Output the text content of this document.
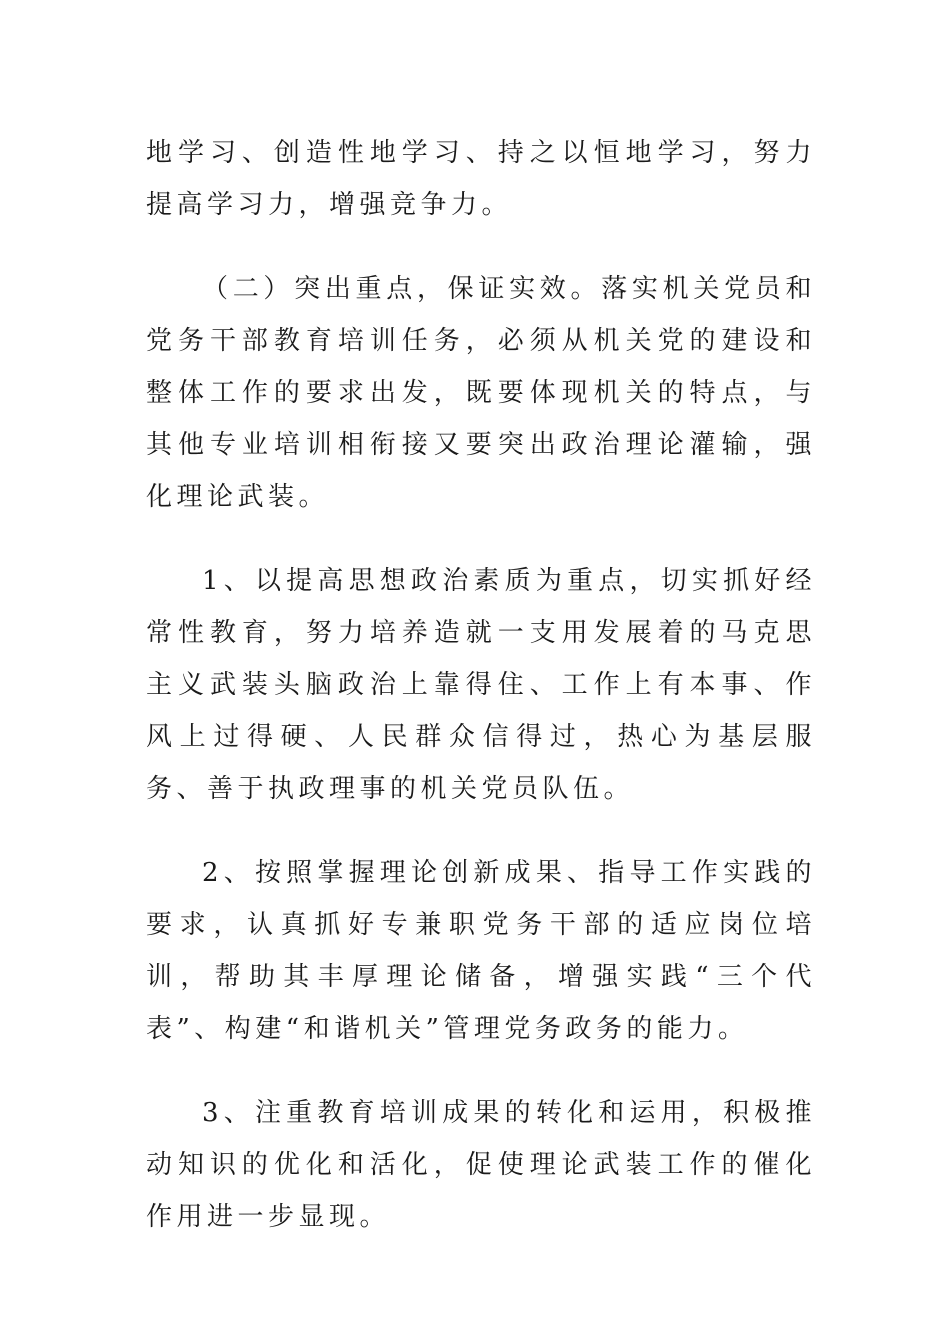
地学习、创造性地学习、持之以恒地学习，努力提高学习力，增强竞争力。

（二）突出重点，保证实效。落实机关党员和党务干部教育培训任务，必须从机关党的建设和整体工作的要求出发，既要体现机关的特点，与其他专业培训相衔接又要突出政治理论灌输，强化理论武装。

1、以提高思想政治素质为重点，切实抓好经常性教育，努力培养造就一支用发展着的马克思主义武装头脑政治上靠得住、工作上有本事、作风上过得硬、人民群众信得过，热心为基层服务、善于执政理事的机关党员队伍。

2、按照掌握理论创新成果、指导工作实践的要求，认真抓好专兼职党务干部的适应岗位培训，帮助其丰厚理论储备，增强实践“三个代表”、构建“和谐机关”管理党务政务的能力。

3、注重教育培训成果的转化和运用，积极推动知识的优化和活化，促使理论武装工作的催化作用进一步显现。
